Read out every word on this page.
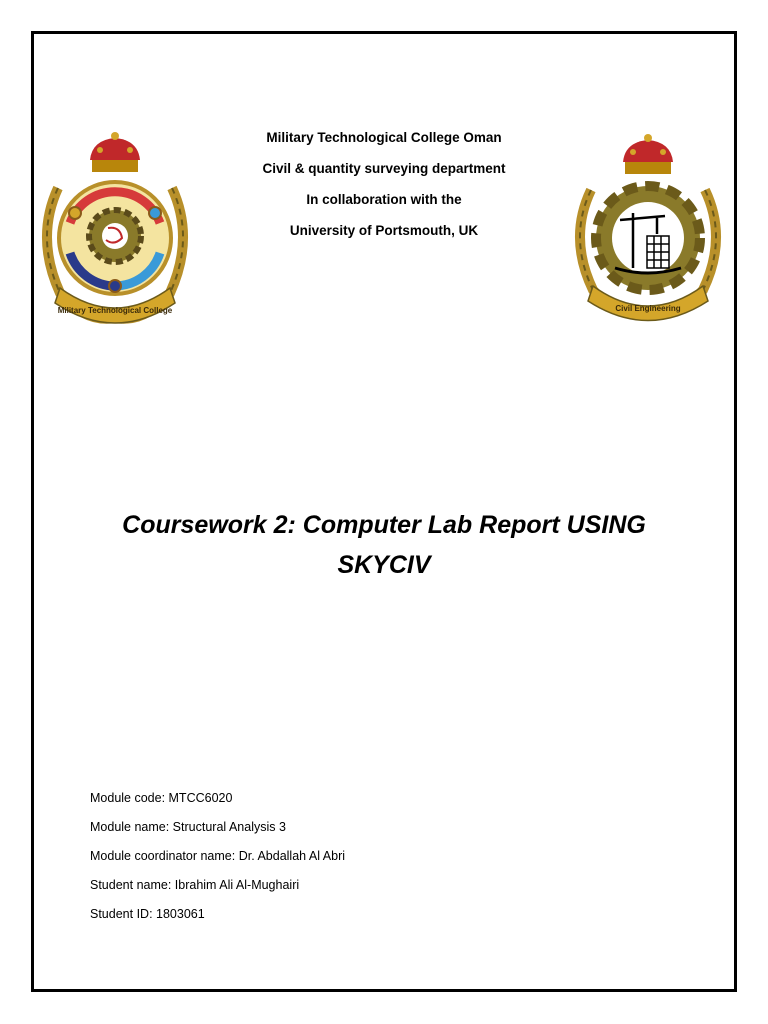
Military Technological College	Civil Engineering
Military Technological College Oman
Civil & quantity surveying department
In collaboration with the
University of Portsmouth, UK
Coursework 2: Computer Lab Report USING
SKYCIV
Module code: MTCC6020
Module name: Structural Analysis 3
Module coordinator name: Dr. Abdallah Al Abri
Student name: Ibrahim Ali Al-Mughairi
Student ID: 1803061
